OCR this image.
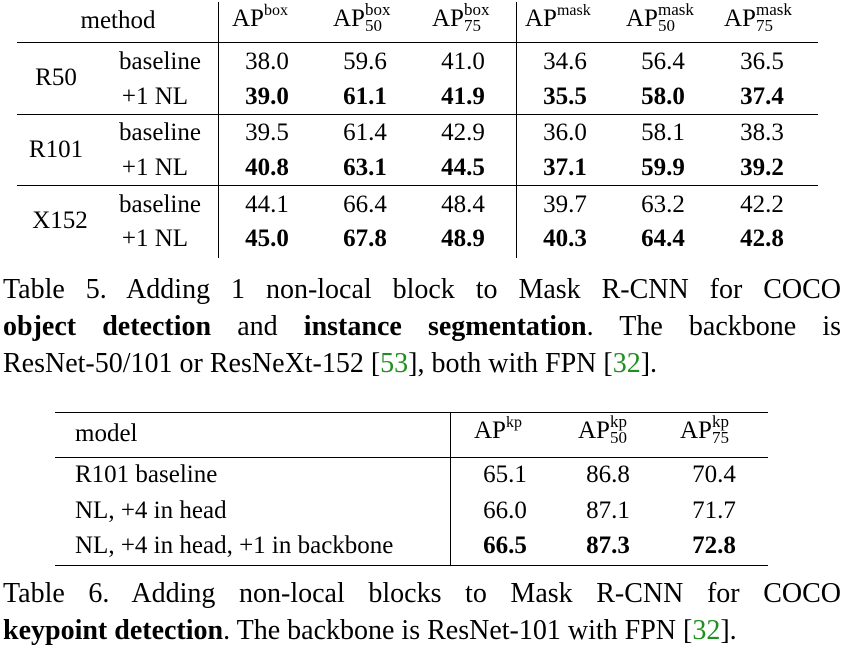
method	$AP^{box}$ AP box
50 AP box
75 $AP^{mask}$ AP mask
50 AP mask
75
R50
baseline
+1 NL
38.0 59.6 41.0 34.6 56.4 36.5
39.0 61.1 41.9 35.5 58.0 37.4
R101
baseline
+1 NL
39.5 61.4 42.9 36.0 58.1 38.3
40.8 63.1 44.5 37.1 59.9 39.2
X152
baseline
+1 NL
44.1 66.4 48.4 39.7 63.2 42.2
45.0 67.8 48.9 40.3 64.4 42.8
Table 5. Adding 1 non-local block to Mask R-CNN for COCO
object detection and instance segmentation. The backbone is
ResNet-50/101 or ResNeXt-152 [53], both with FPN [32].
model	$AP^{kp}$ AP kp
50 AP kp
75
R101 baseline
NL, +4 in head
NL, +4 in head, +1 in backbone
65.1 86.8 70.4
66.0 87.1 71.7
66.5 87.3 72.8
Table 6. Adding non-local blocks to Mask R-CNN for COCO
keypoint detection. The backbone is ResNet-101 with FPN [32].
